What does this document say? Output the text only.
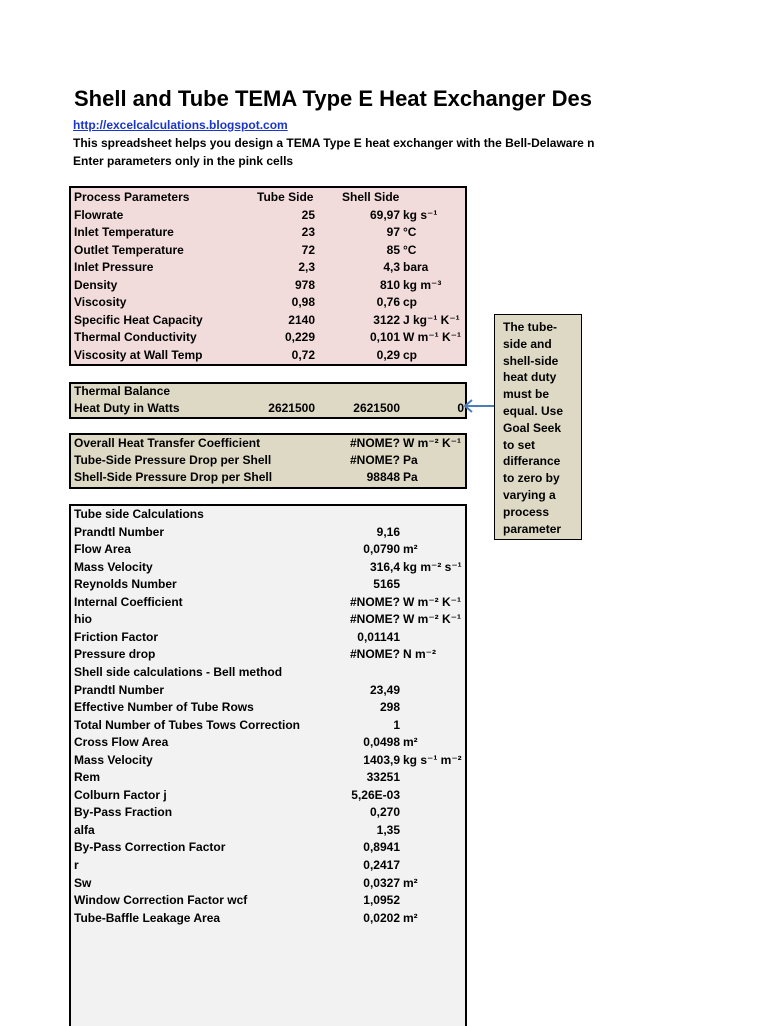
Shell and Tube TEMA Type E Heat Exchanger Des
http://excelcalculations.blogspot.com
This spreadsheet helps you design a TEMA Type E heat exchanger with the Bell-Delaware n
Enter parameters only in the pink cells
Process Parameters	Tube Side Shell Side
Flowrate	25	69,97 kg s⁻¹
Inlet Temperature	23	97 °C
Outlet Temperature	72	85 °C
Inlet Pressure	2,3	4,3 bara
Density	978	810 kg m⁻³
Viscosity	0,98	0,76 cp
Specific Heat Capacity	2140	3122 J kg⁻¹ K⁻¹
Thermal Conductivity	0,229	0,101 W m⁻¹ K⁻¹
Viscosity at Wall Temp	0,72	0,29 cp
Thermal Balance
Heat Duty in Watts	2621500	2621500	0
Overall Heat Transfer Coefficient	#NOME? W m⁻² K⁻¹
Tube-Side Pressure Drop per Shell	#NOME? Pa
Shell-Side Pressure Drop per Shell	98848 Pa
Tube side Calculations
Prandtl Number	9,16
Flow Area	0,0790 m²
Mass Velocity	316,4 kg m⁻² s⁻¹
Reynolds Number	5165
Internal Coefficient	#NOME? W m⁻² K⁻¹
hio	#NOME? W m⁻² K⁻¹
Friction Factor	0,01141
Pressure drop	#NOME? N m⁻²
Shell side calculations - Bell method
Prandtl Number	23,49
Effective Number of Tube Rows	298
Total Number of Tubes Tows Correction	1
Cross Flow Area	0,0498 m²
Mass Velocity	1403,9 kg s⁻¹ m⁻²
Rem	33251
Colburn Factor j	5,26E-03
By-Pass Fraction	0,270
alfa	1,35
By-Pass Correction Factor	0,8941
r	0,2417
Sw	0,0327 m²
Window Correction Factor wcf	1,0952
Tube-Baffle Leakage Area	0,0202 m²
The tube-
side and
shell-side
heat duty
must be
equal. Use
Goal Seek
to set
differance
to zero by
varying a
process
parameter
